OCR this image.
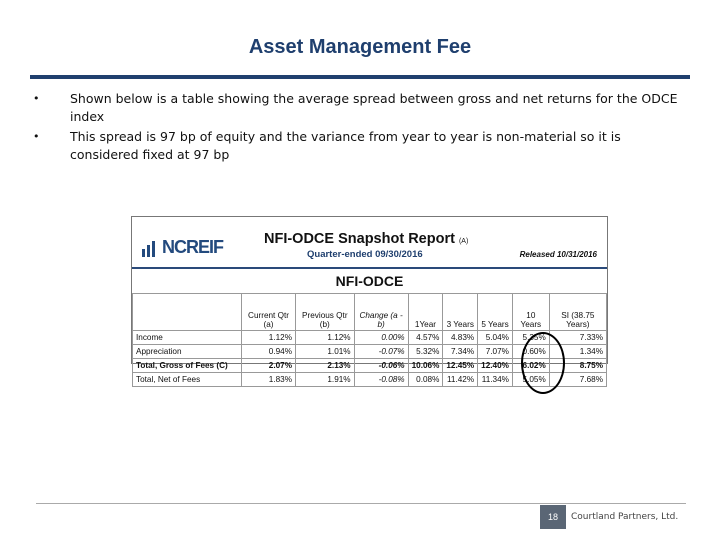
Asset Management Fee
• Shown below is a table showing the average spread between gross and net returns for the ODCE index
• This spread is 97 bp of equity and the variance from year to year is non-material so it is considered fixed at 97 bp
NCREIF	NFI-ODCE Snapshot Report (A)
Quarter-ended 09/30/2016	Released 10/31/2016
NFI-ODCE
	Current Qtr (a)	Previous Qtr (b)	Change (a - b)	1Year	3 Years	5 Years	10 Years	SI (38.75 Years)
Income	1.12%	1.12%	0.00%	4.57%	4.83%	5.04%	5.35%	7.33%
Appreciation	0.94%	1.01%	-0.07%	5.32%	7.34%	7.07%	0.60%	1.34%
Total, Gross of Fees (C)	2.07%	2.13%	-0.06%	10.06%	12.45%	12.40%	6.02%	8.75%
Total, Net of Fees	1.83%	1.91%	-0.08%	0.08%	11.42%	11.34%	5.05%	7.68%
18	Courtland Partners, Ltd.
